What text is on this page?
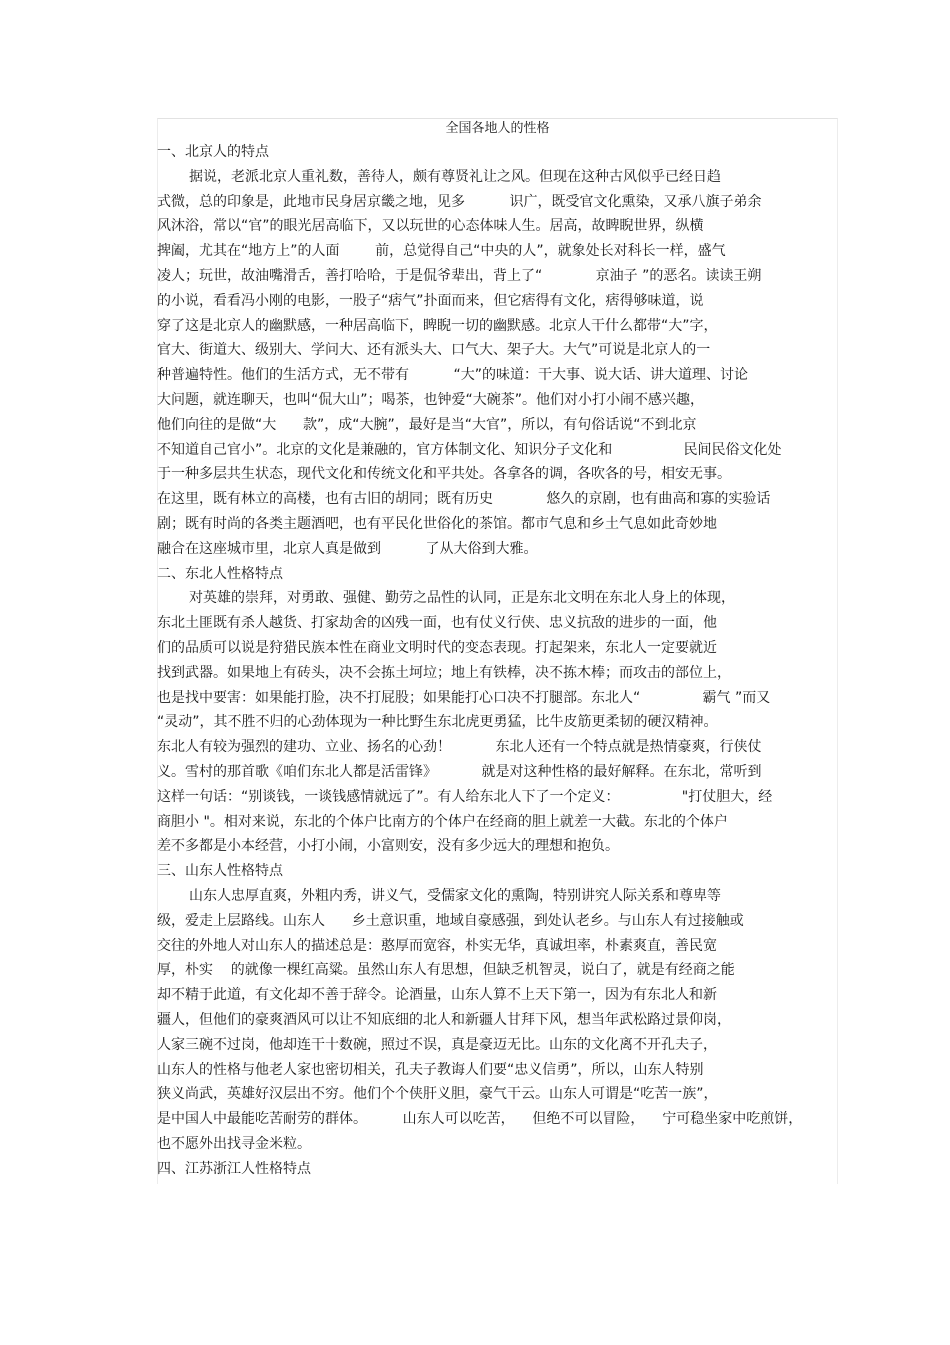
全国各地人的性格
一、北京人的特点
据说，老派北京人重礼数，善待人，颇有尊贤礼让之风。但现在这种古风似乎已经日趋
式微，总的印象是，此地市民身居京畿之地，见多          识广，既受官文化熏染，又承八旗子弟余
风沐浴，常以“官”的眼光居高临下，又以玩世的心态体味人生。居高，故睥睨世界，纵横
捭阖，尤其在“地方上”的人面        前，总觉得自己“中央的人”，就象处长对科长一样，盛气
凌人；玩世，故油嘴滑舌，善打哈哈，于是侃爷辈出，背上了“            京油子 ”的恶名。读读王朔
的小说，看看冯小刚的电影，一股子“痞气”扑面而来，但它痞得有文化，痞得够味道，说
穿了这是北京人的幽默感，一种居高临下，睥睨一切的幽默感。北京人干什么都带“大”字，
官大、街道大、级别大、学问大、还有派头大、口气大、架子大。大气”可说是北京人的一
种普遍特性。他们的生活方式，无不带有          “大”的味道：干大事、说大话、讲大道理、讨论
大问题，就连聊天，也叫“侃大山”；喝茶，也钟爱“大碗茶”。他们对小打小闹不感兴趣，
他们向往的是做“大      款”，成“大腕”，最好是当“大官”，所以，有句俗话说“不到北京
不知道自己官小”。北京的文化是兼融的，官方体制文化、知识分子文化和                民间民俗文化处
于一种多层共生状态，现代文化和传统文化和平共处。各拿各的调，各吹各的号，相安无事。
在这里，既有林立的高楼，也有古旧的胡同；既有历史            悠久的京剧，也有曲高和寡的实验话
剧；既有时尚的各类主题酒吧，也有平民化世俗化的茶馆。都市气息和乡土气息如此奇妙地
融合在这座城市里，北京人真是做到          了从大俗到大雅。
二、东北人性格特点
对英雄的崇拜，对勇敢、强健、勤劳之品性的认同，正是东北文明在东北人身上的体现，
东北土匪既有杀人越货、打家劫舍的凶残一面，也有仗义行侠、忠义抗敌的进步的一面，他
们的品质可以说是狩猎民族本性在商业文明时代的变态表现。打起架来，东北人一定要就近
找到武器。如果地上有砖头，决不会拣土坷垃；地上有铁棒，决不拣木棒；而攻击的部位上，
也是找中要害：如果能打脸，决不打屁股；如果能打心口决不打腿部。东北人“              霸气 ”而又
“灵动”，其不胜不归的心劲体现为一种比野生东北虎更勇猛，比牛皮筋更柔韧的硬汉精神。
东北人有较为强烈的建功、立业、扬名的心劲！          东北人还有一个特点就是热情豪爽，行侠仗
义。雪村的那首歌《咱们东北人都是活雷锋》          就是对这种性格的最好解释。在东北，常听到
这样一句话：“别谈钱，一谈钱感情就远了”。有人给东北人下了一个定义：              "打仗胆大，经
商胆小 "。相对来说，东北的个体户比南方的个体户在经商的胆上就差一大截。东北的个体户
差不多都是小本经营，小打小闹，小富则安，没有多少远大的理想和抱负。
三、山东人性格特点
山东人忠厚直爽，外粗内秀，讲义气，受儒家文化的熏陶，特别讲究人际关系和尊卑等
级，爱走上层路线。山东人      乡土意识重，地域自豪感强，到处认老乡。与山东人有过接触或
交往的外地人对山东人的描述总是：憨厚而宽容，朴实无华，真诚坦率，朴素爽直，善民宽
厚，朴实    的就像一棵红高粱。虽然山东人有思想，但缺乏机智灵，说白了，就是有经商之能
却不精于此道，有文化却不善于辞令。论酒量，山东人算不上天下第一，因为有东北人和新
疆人，但他们的豪爽酒风可以让不知底细的北人和新疆人甘拜下风，想当年武松路过景仰岗，
人家三碗不过岗，他却连干十数碗，照过不误，真是豪迈无比。山东的文化离不开孔夫子，
山东人的性格与他老人家也密切相关，孔夫子教诲人们要“忠义信勇”，所以，山东人特别
狭义尚武，英雄好汉层出不穷。他们个个侠肝义胆，豪气干云。山东人可谓是“吃苦一族”，
是中国人中最能吃苦耐劳的群体。        山东人可以吃苦，    但绝不可以冒险，    宁可稳坐家中吃煎饼，
也不愿外出找寻金米粒。
四、江苏浙江人性格特点
